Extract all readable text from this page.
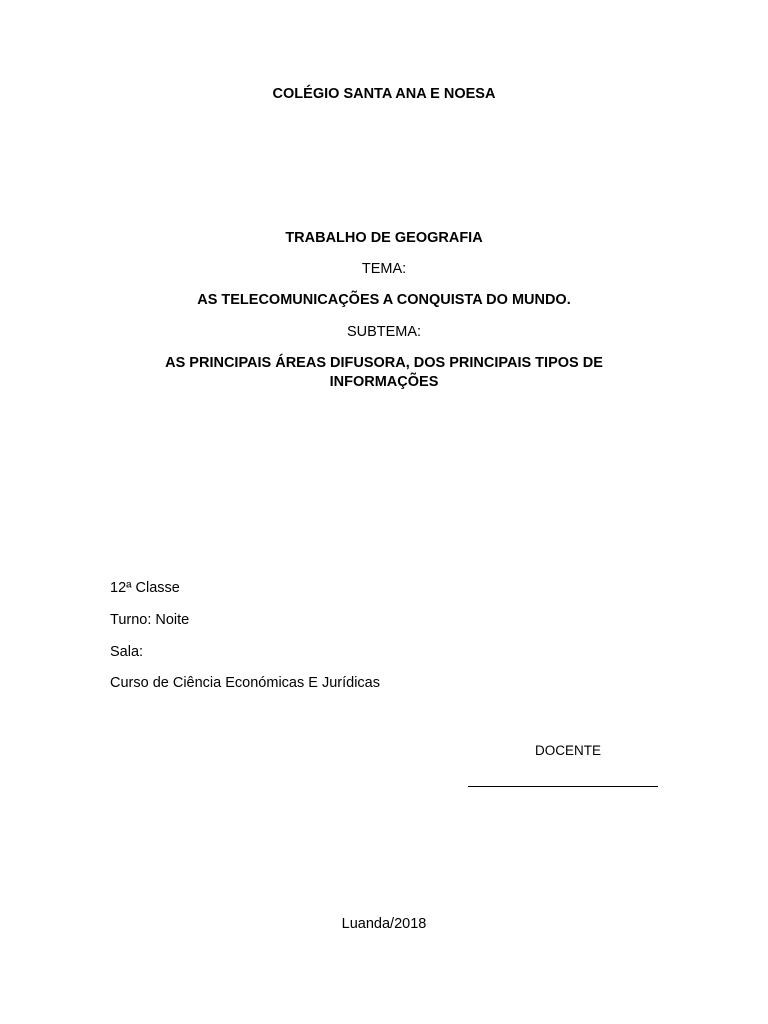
COLÉGIO SANTA ANA E NOESA
TRABALHO DE GEOGRAFIA
TEMA:
AS TELECOMUNICAÇÕES A CONQUISTA DO MUNDO.
SUBTEMA:
AS PRINCIPAIS ÁREAS DIFUSORA, DOS PRINCIPAIS TIPOS DE
INFORMAÇÕES
12ª Classe
Turno: Noite
Sala:
Curso de Ciência Económicas E Jurídicas
DOCENTE
Luanda/2018
